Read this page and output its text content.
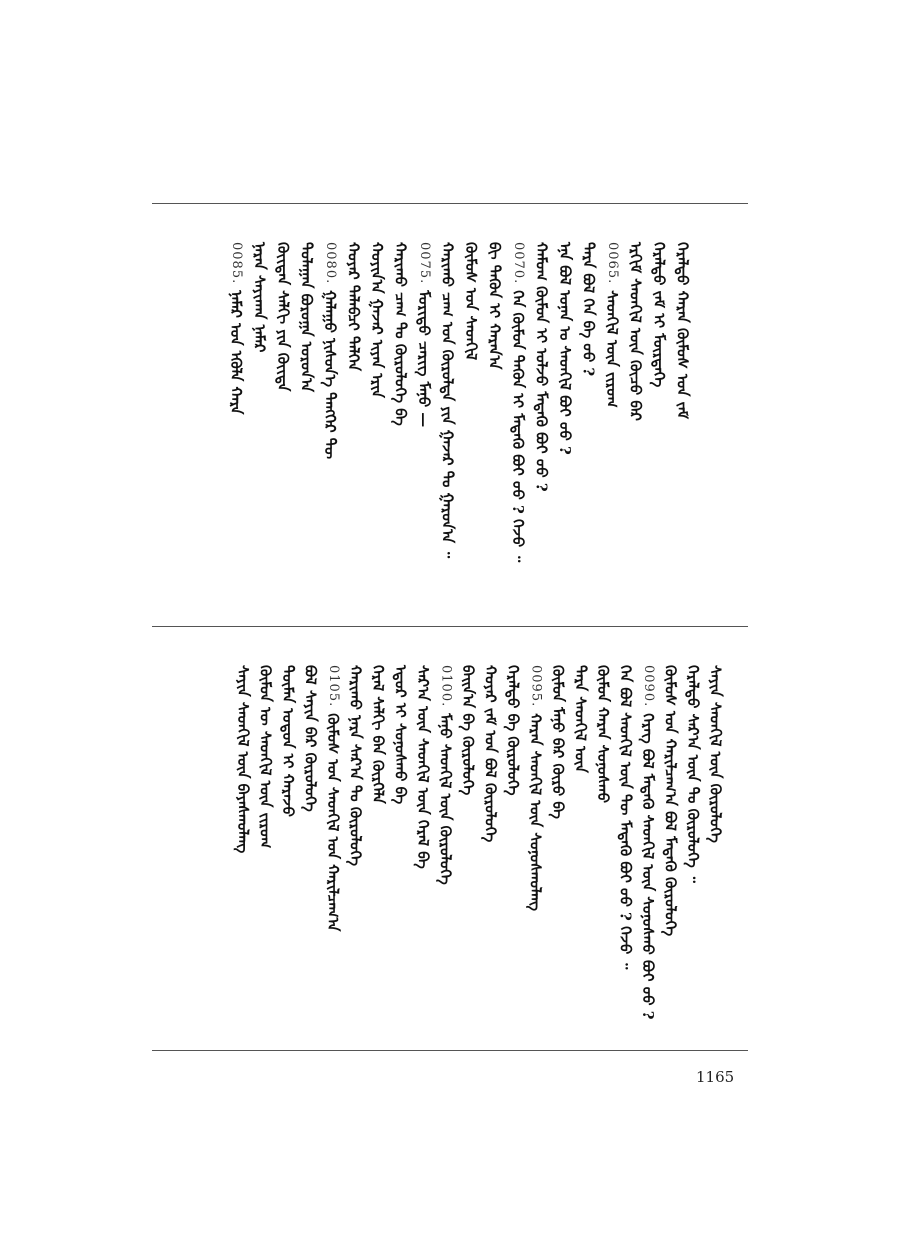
0085.ᠨᠠᠮᠠᠷ ᠤᠨ ᠡᠭᠦᠯᠡ ᠬᠠᠷᠠ ᠨᠠᠷᠠᠨ ᠰᠠᠶᠢᠬᠠᠨ ᠨᠠᠮᠠᠷ ᠬᠦᠢᠲᠡᠨ ᠰᠠᠯᠬᠢ ᠶᠢᠨ ᠬᠦᠢᠲᠡ ᠳᠤᠯᠠᠭᠠᠨ ᠪᠣᠷᠣᠭᠠ ᠣᠷᠣᠨ᠎ᠠ 0080.ᠭᠠᠯᠠᠭᠤ ᠨᠢᠰᠦᠨ᠎ᠡ ᠲᠡᠩᠭᠡᠷ ᠲᠦ ᠬᠣᠶᠠᠷ ᠳᠠᠯᠠᠪᠴᠢ ᠳᠡᠯᠭᠡᠨ ᠬᠣᠶᠢᠨ᠎ᠠ ᠭᠠᠵᠠᠷ ᠢᠶᠠᠨ ᠡᠷᠢᠨ ᠬᠠᠷᠢᠬᠤ ᠴᠠᠭ ᠲᠤ ᠬᠦᠷᠦᠯᠦᠭᠡ ᠪᠡ 0075.ᠮᠣᠷᠢᠲᠤ ᠴᠡᠷᠢᠭ ᠮᠠᠨᠤ — ᠬᠠᠷᠢᠬᠤ ᠴᠠᠭ ᠤᠨ ᠬᠦᠷᠦᠯᠲᠡ ᠶᠢᠨ ᠭᠠᠵᠠᠷ ᠲᠤ ᠭᠠᠷᠤᠨ᠎ᠠ ᠃ ᠬᠦᠮᠦᠰ ᠤᠨ ᠰᠡᠳᠬᠢᠯ ᠪᠢ ᠲᠡᠭᠦᠨ ᠢ ᠬᠠᠷᠠᠨ᠎ᠠ 0070.ᠬᠡᠨ ᠬᠦᠮᠦᠨ ᠲᠡᠭᠦᠨ ᠢ ᠮᠡᠳᠡᠬᠦ ᠪᠤᠢ ᠦᠦ ? ᠭᠡᠵᠦ ᠃ ᠬᠠᠮᠤᠭ ᠬᠦᠮᠦᠨ ᠢ ᠣᠯᠵᠤ ᠮᠡᠳᠡᠬᠦ ᠪᠤᠢ ᠦᠦ ? ᠡᠨᠡ ᠪᠣᠯ ᠤᠨᠠᠨ ᠤ ᠰᠡᠳᠬᠢᠯ ᠪᠤᠢ ᠦᠦ ? ᠲᠡᠷᠡ ᠪᠣᠯ ᠬᠡᠨ ᠪᠡ ᠦᠦ ? 0065.ᠰᠡᠳᠬᠢᠯ ᠦᠨ ᠵᠢᠷᠤᠭ ᠡᠷᠬᠢᠮ ᠰᠡᠳᠬᠢᠯ ᠦᠨ ᠬᠦᠴᠦ ᠪᠡᠷ ᠭᠡᠷᠡᠯᠲᠦ ᠵᠠᠮ ᠢ ᠮᠦᠷᠳᠡᠭᠡ ᠭᠡᠷᠡᠯᠲᠦ ᠬᠠᠷᠠᠨ ᠬᠦᠮᠦᠰ ᠤᠨ ᠵᠠᠮ
ᠰᠠᠶᠢᠨ ᠰᠡᠳᠬᠢᠯ ᠦᠨ ᠪᠠᠶᠠᠰᠬᠤᠯᠠᠩ ᠬᠦᠮᠦᠨ ᠦ ᠰᠡᠳᠬᠢᠯ ᠦᠨ ᠵᠢᠷᠤᠭ ᠲᠦᠮᠡᠨ ᠣᠳᠣᠨ ᠢ ᠬᠠᠷᠠᠵᠤ ᠪᠣᠯ ᠰᠠᠶᠢᠨ ᠪᠡᠷ ᠬᠦᠷᠦᠯᠦᠭᠡ 0105.ᠬᠦᠮᠦᠰ ᠤᠨ ᠰᠡᠳᠬᠢᠯ ᠤᠨ ᠬᠠᠷᠢᠯᠴᠠᠭ᠎ᠠ ᠬᠠᠷᠢᠬᠤ ᠨᠠᠷᠠ ᠰᠠᠷ᠎ᠠ ᠲᠤ ᠬᠦᠷᠦᠯᠦᠭᠡ ᠭᠡᠷᠡᠯ ᠰᠠᠯᠬᠢ ᠪᠠᠨ ᠬᠦᠷᠭᠡᠯᠡ ᠡᠳᠦᠷ ᠢ ᠰᠣᠨᠣᠰᠬᠤ ᠪᠡ ᠰᠠᠷ᠎ᠠ ᠦᠨ ᠰᠡᠳᠬᠢᠯ ᠦᠨ ᠭᠡᠷᠡᠯ ᠪᠡ 0100.ᠮᠠᠨᠤ ᠰᠡᠳᠬᠢᠯ ᠦᠨ ᠬᠦᠷᠦᠯᠦᠭᠡ ᠪᠠᠢᠨ᠎ᠠ ᠪᠡ ᠬᠦᠷᠦᠯᠦᠭᠡ ᠬᠣᠶᠠᠷ ᠵᠠᠮ ᠤᠨ ᠪᠣᠯ ᠬᠦᠷᠦᠯᠦᠭᠡ ᠭᠡᠷᠡᠯᠲᠦ ᠪᠡ ᠬᠦᠷᠦᠯᠦᠭᠡ 0095.ᠬᠠᠷᠠᠨ ᠰᠡᠳᠬᠢᠯ ᠦᠨ ᠰᠣᠨᠣᠰᠬᠤᠯᠠᠩ ᠬᠦᠮᠦᠨ ᠮᠠᠨᠤ ᠪᠡᠷ ᠬᠦᠷᠦ ᠪᠡ ᠲᠡᠷᠡ ᠰᠡᠳᠬᠢᠯ ᠦᠨ ᠬᠦᠮᠦᠨ ᠬᠠᠷᠠᠨ ᠰᠣᠨᠣᠰᠬᠤ ᠬᠡᠨ ᠪᠣᠯ ᠰᠡᠳᠬᠢᠯ ᠦᠨ ᠲᠦ ᠮᠡᠳᠡᠬᠦ ᠪᠤᠢ ᠦᠦ ? ᠭᠡᠵᠦ ᠃ 0090.ᠬᠡᠷᠡᠭ ᠪᠣᠯ ᠮᠡᠳᠡᠬᠦ ᠰᠡᠳᠬᠢᠯ ᠦᠨ ᠰᠣᠨᠣᠰᠬᠤ ᠪᠤᠢ ᠦᠦ ? ᠬᠦᠮᠦᠰ ᠤᠨ ᠬᠠᠷᠢᠯᠴᠠᠭ᠎ᠠ ᠪᠣᠯ ᠮᠡᠳᠡᠬᠦ ᠬᠦᠷᠦᠯᠦᠭᠡ ᠭᠡᠷᠡᠯᠲᠦ ᠰᠠᠷ᠎ᠠ ᠦᠨ ᠲᠤ ᠬᠦᠷᠦᠯᠦᠭᠡ ᠃ ᠰᠠᠶᠢᠨ ᠰᠡᠳᠬᠢᠯ ᠦᠨ ᠬᠦᠷᠦᠯᠦᠭᠡ
1165
